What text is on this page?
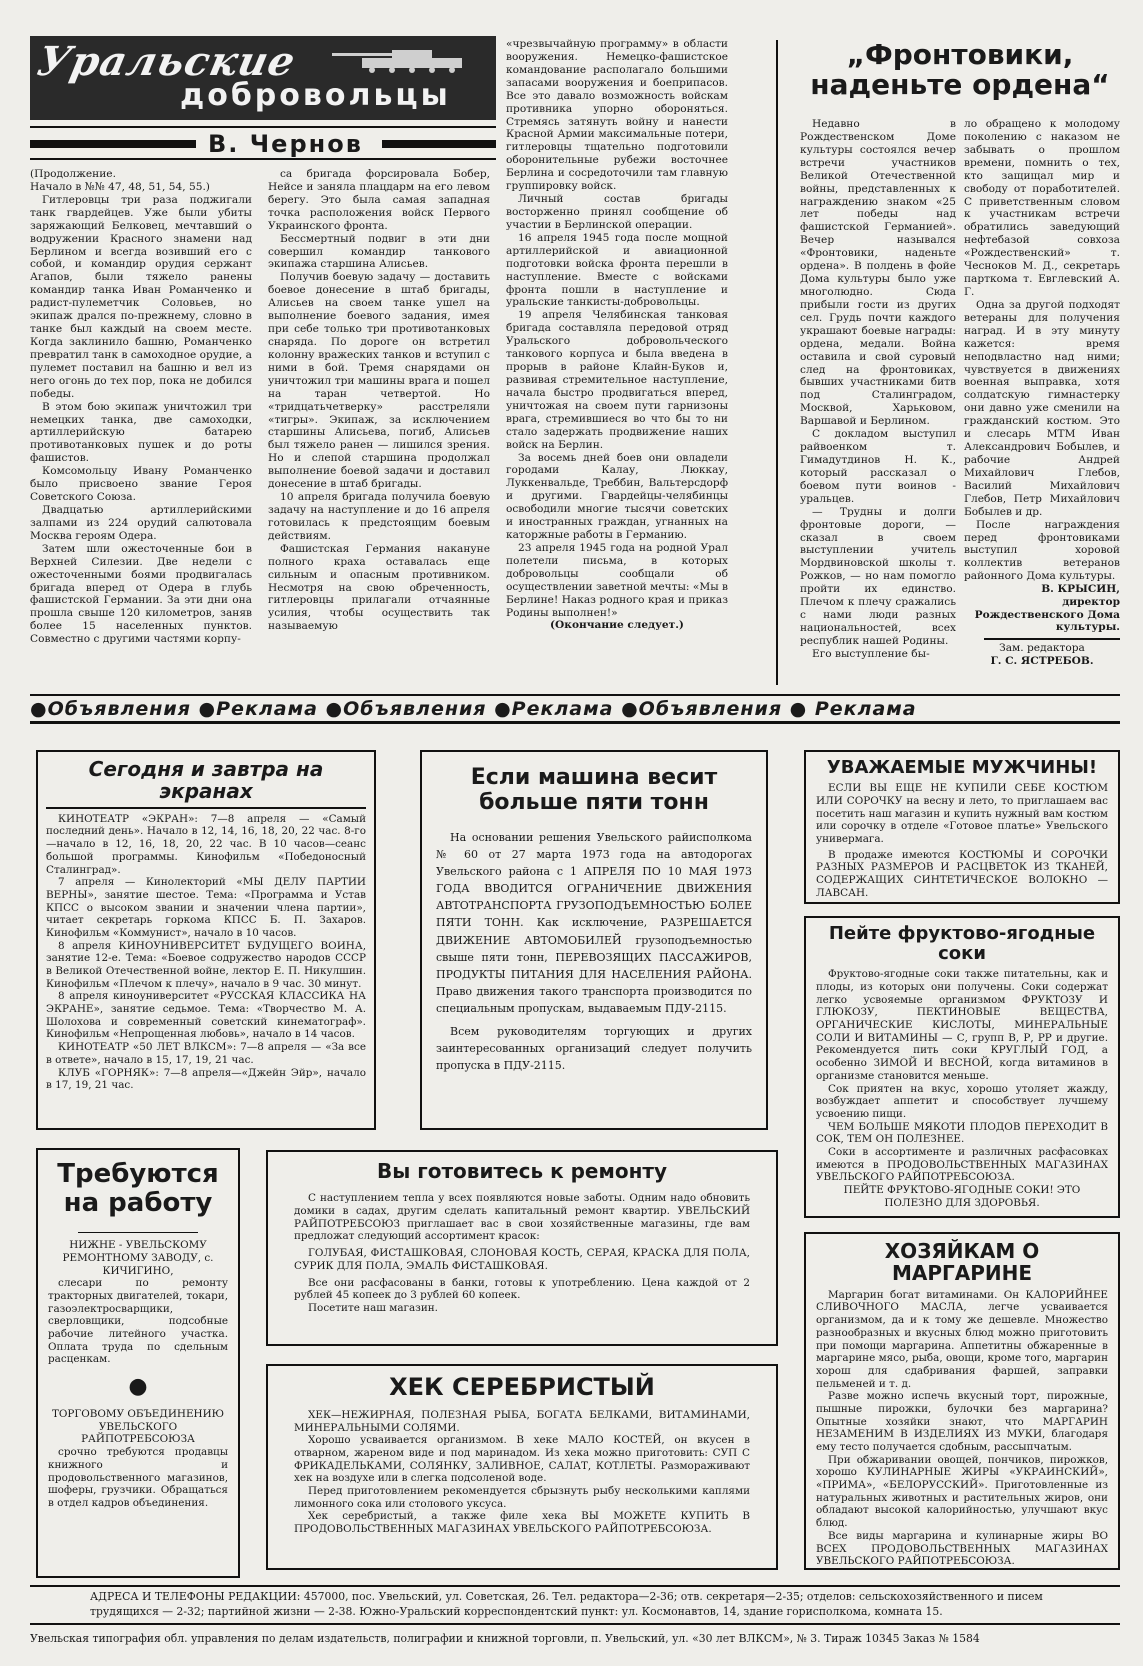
Уральские
добровольцы
В. Чернов

(Продолжение.
Начало в №№ 47, 48, 51, 54, 55.)

Гитлеровцы три раза поджигали танк гвардейцев. Уже были убиты заряжающий Белковец, мечтавший о водружении Красного знамени над Берлином и всегда возивший его с собой, и командир орудия сержант Агапов, были тяжело ранены командир танка Иван Романченко и радист-пулеметчик Соловьев, но экипаж дрался по-прежнему, словно в танке был каждый на своем месте. Когда заклинило башню, Романченко превратил танк в самоходное орудие, а пулемет поставил на башню и вел из него огонь до тех пор, пока не добился победы.

В этом бою экипаж уничтожил три немецких танка, две самоходки, артиллерийскую батарею противотанковых пушек и до роты фашистов.

Комсомольцу Ивану Романченко было присвоено звание Героя Советского Союза.

Двадцатью артиллерийскими залпами из 224 орудий салютовала Москва героям Одера.

Затем шли ожесточенные бои в Верхней Силезии. Две недели с ожесточенными боями продвигалась бригада вперед от Одера в глубь фашистской Германии. За эти дни она прошла свыше 120 километров, заняв более 15 населенных пунктов. Совместно с другими частями корпу-

са бригада форсировала Бобер, Нейсе и заняла плацдарм на его левом берегу. Это была самая западная точка расположения войск Первого Украинского фронта.

Бессмертный подвиг в эти дни совершил командир танкового экипажа старшина Алисьев.

Получив боевую задачу — доставить боевое донесение в штаб бригады, Алисьев на своем танке ушел на выполнение боевого задания, имея при себе только три противотанковых снаряда. По дороге он встретил колонну вражеских танков и вступил с ними в бой. Тремя снарядами он уничтожил три машины врага и пошел на таран четвертой. Но «тридцатьчетверку» расстреляли «тигры». Экипаж, за исключением старшины Алисьева, погиб, Алисьев был тяжело ранен — лишился зрения. Но и слепой старшина продолжал выполнение боевой задачи и доставил донесение в штаб бригады.

10 апреля бригада получила боевую задачу на наступление и до 16 апреля готовилась к предстоящим боевым действиям.

Фашистская Германия накануне полного краха оставалась еще сильным и опасным противником. Несмотря на свою обреченность, гитлеровцы прилагали отчаянные усилия, чтобы осуществить так называемую

«чрезвычайную программу» в области вооружения. Немецко-фашистское командование располагало большими запасами вооружения и боеприпасов. Все это давало возможность войскам противника упорно обороняться. Стремясь затянуть войну и нанести Красной Армии максимальные потери, гитлеровцы тщательно подготовили оборонительные рубежи восточнее Берлина и сосредоточили там главную группировку войск.

Личный состав бригады восторженно принял сообщение об участии в Берлинской операции.

16 апреля 1945 года после мощной артиллерийской и авиационной подготовки войска фронта перешли в наступление. Вместе с войсками фронта пошли в наступление и уральские танкисты-добровольцы.

19 апреля Челябинская танковая бригада составляла передовой отряд Уральского добровольческого танкового корпуса и была введена в прорыв в районе Клайн-Буков и, развивая стремительное наступление, начала быстро продвигаться вперед, уничтожая на своем пути гарнизоны врага, стремившиеся во что бы то ни стало задержать продвижение наших войск на Берлин.

За восемь дней боев они овладели городами Калау, Люккау, Луккенвальде, Треббин, Вальтерсдорф и другими. Гвардейцы-челябинцы освободили многие тысячи советских и иностранных граждан, угнанных на каторжные работы в Германию.

23 апреля 1945 года на родной Урал полетели письма, в которых добровольцы сообщали об осуществлении заветной мечты: «Мы в Берлине! Наказ родного края и приказ Родины выполнен!»

(Окончание следует.)

„Фронтовики, наденьте ордена“

Недавно в Рождественском Доме культуры состоялся вечер встречи участников Великой Отечественной войны, представленных к награждению знаком «25 лет победы над фашистской Германией». Вечер назывался «Фронтовики, наденьте ордена». В полдень в фойе Дома культуры было уже многолюдно. Сюда прибыли гости из других сел. Грудь почти каждого украшают боевые награды: ордена, медали. Война оставила и свой суровый след на фронтовиках, бывших участниками битв под Сталинградом, Москвой, Харьковом, Варшавой и Берлином.

С докладом выступил райвоенком т. Гимадутдинов Н. К., который рассказал о боевом пути воинов - уральцев.

— Трудны и долги фронтовые дороги, — сказал в своем выступлении учитель Мордвиновской школы т. Рожков, — но нам помогло пройти их единство. Плечом к плечу сражались с нами люди разных национальностей, всех республик нашей Родины.

Его выступление бы-

ло обращено к молодому поколению с наказом не забывать о прошлом времени, помнить о тех, кто защищал мир и свободу от поработителей. С приветственным словом к участникам встречи обратились заведующий нефтебазой совхоза «Рождественский» т. Чесноков М. Д., секретарь парткома т. Евглевский А. Г.

Одна за другой подходят ветераны для получения наград. И в эту минуту кажется: время неподвластно над ними; чувствуется в движениях военная выправка, хотя солдатскую гимнастерку они давно уже сменили на гражданский костюм. Это и слесарь МТМ Иван Александрович Бобылев, и рабочие Андрей Михайлович Глебов, Василий Михайлович Глебов, Петр Михайлович Бобылев и др.

После награждения перед фронтовиками выступил хоровой коллектив ветеранов районного Дома культуры.

В. КРЫСИН,
директор Рождественского Дома культуры.
Зам. редактора
Г. С. ЯСТРЕБОВ.
●Объявления ●Реклама ●Объявления ●Реклама ●Объявления ● Реклама
Сегодня и завтра на экранах

КИНОТЕАТР «ЭКРАН»: 7—8 апреля — «Самый последний день». Начало в 12, 14, 16, 18, 20, 22 час. 8-го—начало в 12, 16, 18, 20, 22 час. В 10 часов—сеанс большой программы. Кинофильм «Победоносный Сталинград».

7 апреля — Кинолекторий «МЫ ДЕЛУ ПАРТИИ ВЕРНЫ», занятие шестое. Тема: «Программа и Устав КПСС о высоком звании и значении члена партии», читает секретарь горкома КПСС Б. П. Захаров. Кинофильм «Коммунист», начало в 10 часов.

8 апреля КИНОУНИВЕРСИТЕТ БУДУЩЕГО ВОИНА, занятие 12-е. Тема: «Боевое содружество народов СССР в Великой Отечественной войне, лектор Е. П. Никулшин. Кинофильм «Плечом к плечу», начало в 9 час. 30 минут.

8 апреля киноуниверситет «РУССКАЯ КЛАССИКА НА ЭКРАНЕ», занятие седьмое. Тема: «Творчество М. А. Шолохова и современный советский кинематограф». Кинофильм «Непрощенная любовь», начало в 14 часов.

КИНОТЕАТР «50 ЛЕТ ВЛКСМ»: 7—8 апреля — «За все в ответе», начало в 15, 17, 19, 21 час.

КЛУБ «ГОРНЯК»: 7—8 апреля—«Джейн Эйр», начало в 17, 19, 21 час.

Если машина весит больше пяти тонн

На основании решения Увельского райисполкома № 60 от 27 марта 1973 года на автодорогах Увельского района с 1 АПРЕЛЯ ПО 10 МАЯ 1973 ГОДА ВВОДИТСЯ ОГРАНИЧЕНИЕ ДВИЖЕНИЯ АВТОТРАНСПОРТА ГРУЗОПОДЪЕМНОСТЬЮ БОЛЕЕ ПЯТИ ТОНН. Как исключение, РАЗРЕШАЕТСЯ ДВИЖЕНИЕ АВТОМОБИЛЕЙ грузоподъемностью свыше пяти тонн, ПЕРЕВОЗЯЩИХ ПАССАЖИРОВ, ПРОДУКТЫ ПИТАНИЯ ДЛЯ НАСЕЛЕНИЯ РАЙОНА. Право движения такого транспорта производится по специальным пропускам, выдаваемым ПДУ-2115.

Всем руководителям торгующих и других заинтересованных организаций следует получить пропуска в ПДУ-2115.

УВАЖАЕМЫЕ МУЖЧИНЫ!

ЕСЛИ ВЫ ЕЩЕ НЕ КУПИЛИ СЕБЕ КОСТЮМ ИЛИ СОРОЧКУ на весну и лето, то приглашаем вас посетить наш магазин и купить нужный вам костюм или сорочку в отделе «Готовое платье» Увельского универмага.

В продаже имеются КОСТЮМЫ И СОРОЧКИ РАЗНЫХ РАЗМЕРОВ И РАСЦВЕТОК ИЗ ТКАНЕЙ, СОДЕРЖАЩИХ СИНТЕТИЧЕСКОЕ ВОЛОКНО — ЛАВСАН.

Пейте фруктово-ягодные соки

Фруктово-ягодные соки также питательны, как и плоды, из которых они получены. Соки содержат легко усвояемые организмом ФРУКТОЗУ И ГЛЮКОЗУ, ПЕКТИНОВЫЕ ВЕЩЕСТВА, ОРГАНИЧЕСКИЕ КИСЛОТЫ, МИНЕРАЛЬНЫЕ СОЛИ И ВИТАМИНЫ — С, групп В, Р, РР и другие. Рекомендуется пить соки КРУГЛЫЙ ГОД, а особенно ЗИМОЙ И ВЕСНОЙ, когда витаминов в организме становится меньше.

Сок приятен на вкус, хорошо утоляет жажду, возбуждает аппетит и способствует лучшему усвоению пищи.

ЧЕМ БОЛЬШЕ МЯКОТИ ПЛОДОВ ПЕРЕХОДИТ В СОК, ТЕМ ОН ПОЛЕЗНЕЕ.

Соки в ассортименте и различных расфасовках имеются в ПРОДОВОЛЬСТВЕННЫХ МАГАЗИНАХ УВЕЛЬСКОГО РАЙПОТРЕБСОЮЗА.

ПЕЙТЕ ФРУКТОВО-ЯГОДНЫЕ СОКИ! ЭТО ПОЛЕЗНО ДЛЯ ЗДОРОВЬЯ.

Требуются на работу

НИЖНЕ - УВЕЛЬСКОМУ РЕМОНТНОМУ ЗАВОДУ, с. КИЧИГИНО,

слесари по ремонту тракторных двигателей, токари, газоэлектросварщики, сверловщики, подсобные рабочие литейного участка. Оплата труда по сдельным расценкам.

●

ТОРГОВОМУ ОБЪЕДИНЕНИЮ УВЕЛЬСКОГО РАЙПОТРЕБСОЮЗА

срочно требуются продавцы книжного и продовольственного магазинов, шоферы, грузчики. Обращаться в отдел кадров объединения.

Вы готовитесь к ремонту

С наступлением тепла у всех появляются новые заботы. Одним надо обновить домики в садах, другим сделать капитальный ремонт квартир. УВЕЛЬСКИЙ РАЙПОТРЕБСОЮЗ приглашает вас в свои хозяйственные магазины, где вам предложат следующий ассортимент красок:

ГОЛУБАЯ, ФИСТАШКОВАЯ, СЛОНОВАЯ КОСТЬ, СЕРАЯ, КРАСКА ДЛЯ ПОЛА, СУРИК ДЛЯ ПОЛА, ЭМАЛЬ ФИСТАШКОВАЯ.

Все они расфасованы в банки, готовы к употреблению. Цена каждой от 2 рублей 45 копеек до 3 рублей 60 копеек.

Посетите наш магазин.

ХЕК СЕРЕБРИСТЫЙ

ХЕК—НЕЖИРНАЯ, ПОЛЕЗНАЯ РЫБА, БОГАТА БЕЛКАМИ, ВИТАМИНАМИ, МИНЕРАЛЬНЫМИ СОЛЯМИ.

Хорошо усваивается организмом. В хеке МАЛО КОСТЕЙ, он вкусен в отварном, жареном виде и под маринадом. Из хека можно приготовить: СУП С ФРИКАДЕЛЬКАМИ, СОЛЯНКУ, ЗАЛИВНОЕ, САЛАТ, КОТЛЕТЫ. Размораживают хек на воздухе или в слегка подсоленой воде.

Перед приготовлением рекомендуется сбрызнуть рыбу несколькими каплями лимонного сока или столового уксуса.

Хек серебристый, а также филе хека ВЫ МОЖЕТЕ КУПИТЬ В ПРОДОВОЛЬСТВЕННЫХ МАГАЗИНАХ УВЕЛЬСКОГО РАЙПОТРЕБСОЮЗА.

ХОЗЯЙКАМ О МАРГАРИНЕ

Маргарин богат витаминами. Он КАЛОРИЙНЕЕ СЛИВОЧНОГО МАСЛА, легче усваивается организмом, да и к тому же дешевле. Множество разнообразных и вкусных блюд можно приготовить при помощи маргарина. Аппетитны обжаренные в маргарине мясо, рыба, овощи, кроме того, маргарин хорош для сдабривания фаршей, заправки пельменей и т. д.

Разве можно испечь вкусный торт, пирожные, пышные пирожки, булочки без маргарина? Опытные хозяйки знают, что МАРГАРИН НЕЗАМЕНИМ В ИЗДЕЛИЯХ ИЗ МУКИ, благодаря ему тесто получается сдобным, рассыпчатым.

При обжаривании овощей, пончиков, пирожков, хорошо КУЛИНАРНЫЕ ЖИРЫ «УКРАИНСКИЙ», «ПРИМА», «БЕЛОРУССКИЙ». Приготовленные из натуральных животных и растительных жиров, они обладают высокой калорийностью, улучшают вкус блюд.

Все виды маргарина и кулинарные жиры ВО ВСЕХ ПРОДОВОЛЬСТВЕННЫХ МАГАЗИНАХ УВЕЛЬСКОГО РАЙПОТРЕБСОЮЗА.

АДРЕСА И ТЕЛЕФОНЫ РЕДАКЦИИ: 457000, пос. Увельский, ул. Советская, 26. Тел. редактора—2-36; отв. секретаря—2-35; отделов: сельскохозяйственного и писем трудящихся — 2-32; партийной жизни — 2-38. Южно-Уральский корреспондентский пункт: ул. Космонавтов, 14, здание горисполкома, комната 15.
Увельская типография обл. управления по делам издательств, полиграфии и книжной торговли, п. Увельский, ул. «30 лет ВЛКСМ», № 3. Тираж 10345 Заказ № 1584
